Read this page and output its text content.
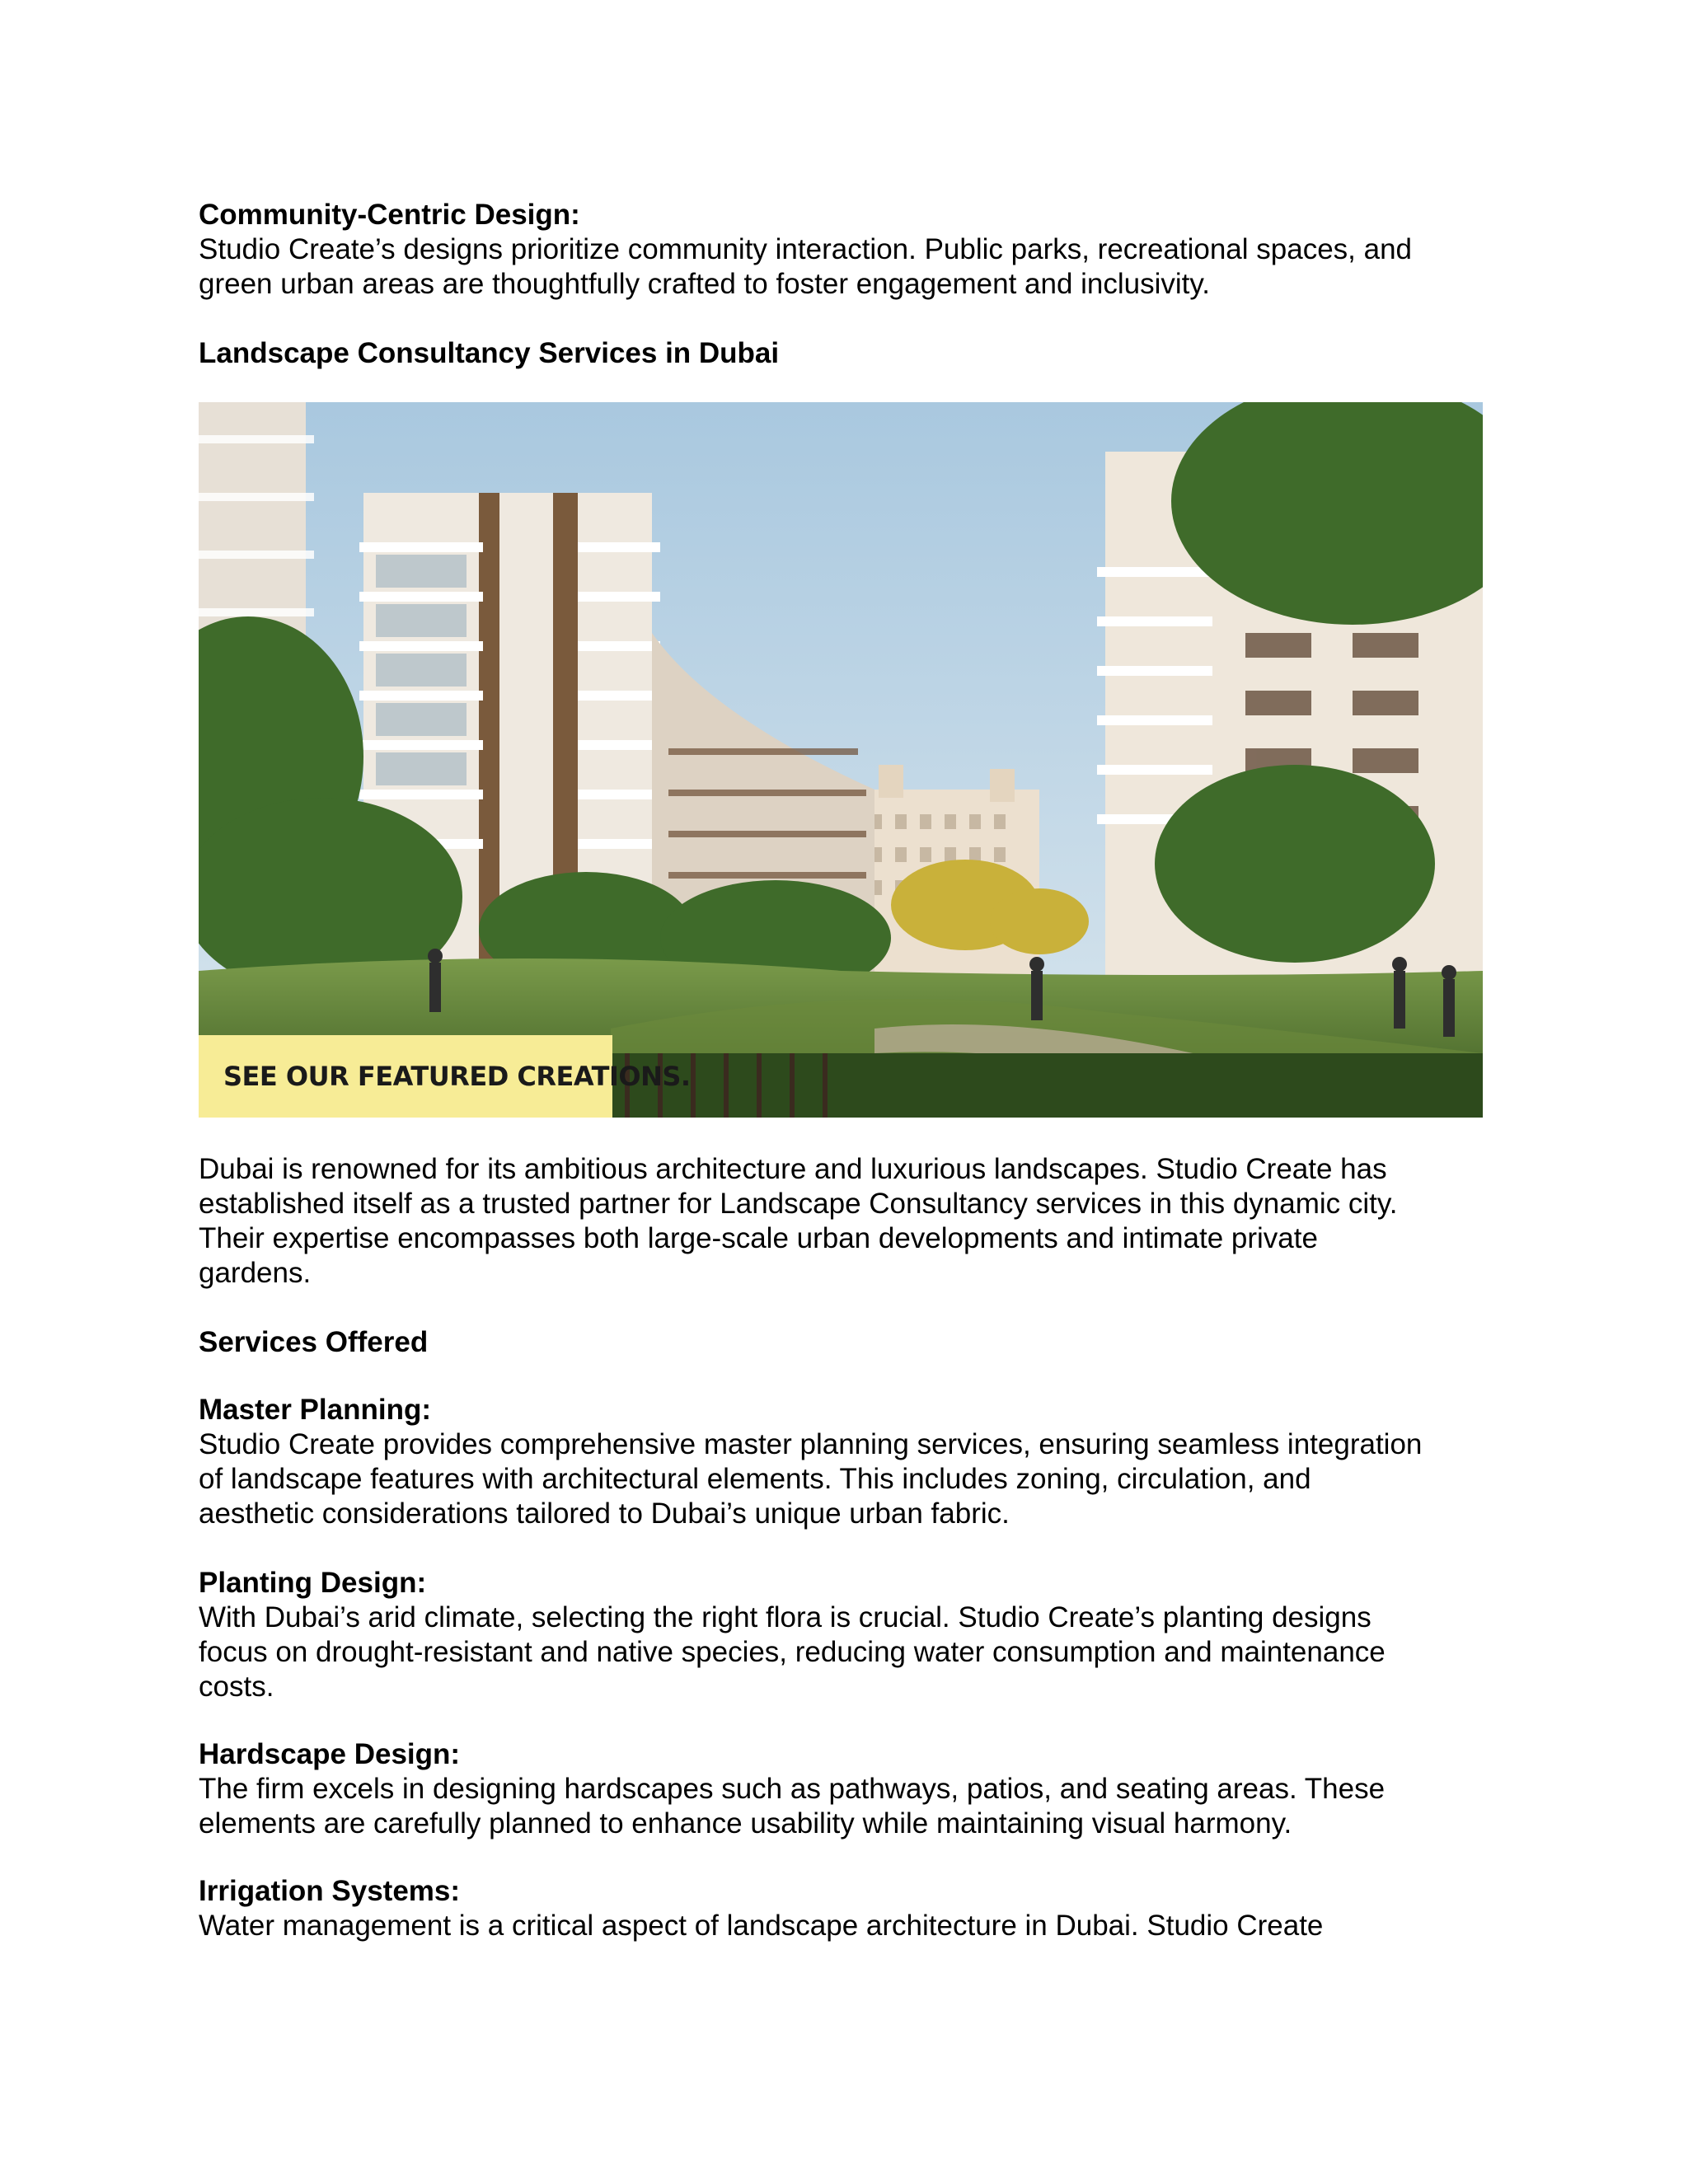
Community-Centric Design:
Studio Create’s designs prioritize community interaction. Public parks, recreational spaces, and
green urban areas are thoughtfully crafted to foster engagement and inclusivity.
Landscape Consultancy Services in Dubai
SEE OUR FEATURED CREATIONS.
Dubai is renowned for its ambitious architecture and luxurious landscapes. Studio Create has
established itself as a trusted partner for Landscape Consultancy services in this dynamic city.
Their expertise encompasses both large-scale urban developments and intimate private
gardens.
Services Offered
Master Planning:
Studio Create provides comprehensive master planning services, ensuring seamless integration
of landscape features with architectural elements. This includes zoning, circulation, and
aesthetic considerations tailored to Dubai’s unique urban fabric.
Planting Design:
With Dubai’s arid climate, selecting the right flora is crucial. Studio Create’s planting designs
focus on drought-resistant and native species, reducing water consumption and maintenance
costs.
Hardscape Design:
The firm excels in designing hardscapes such as pathways, patios, and seating areas. These
elements are carefully planned to enhance usability while maintaining visual harmony.
Irrigation Systems:
Water management is a critical aspect of landscape architecture in Dubai. Studio Create
